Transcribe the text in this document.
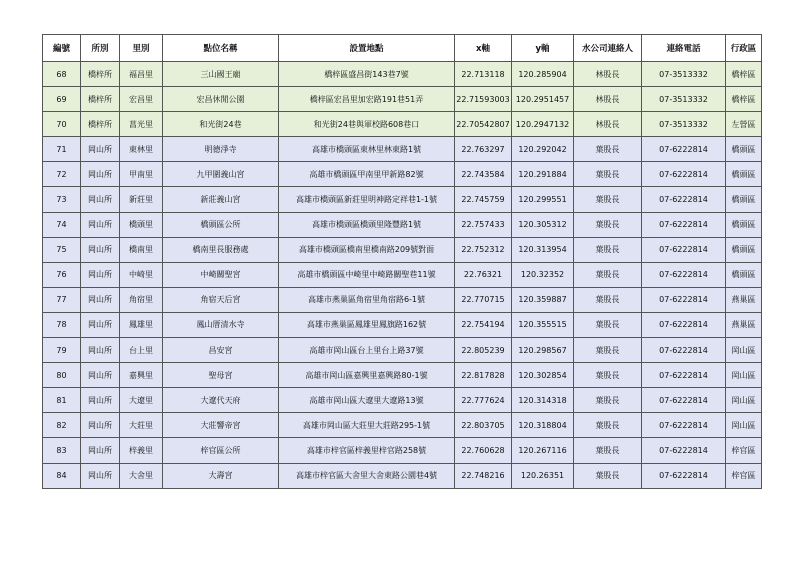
編號	所別	里別	點位名稱	設置地點	x軸	y軸	水公司連絡人	連絡電話	行政區
68	橋梓所	福昌里	三山國王廟	橋梓區盛昌街143巷7號	22.713118	120.285904	林股長	07-3513332	橋梓區
69	橋梓所	宏昌里	宏昌休閒公園	橋梓區宏昌里加宏路191巷51弄	22.71593003	120.2951457	林股長	07-3513332	橋梓區
70	橋梓所	菖光里	和光街24巷	和光街24巷與軍校路608巷口	22.70542807	120.2947132	林股長	07-3513332	左營區
71	岡山所	東林里	明德淨寺	高雄市橋頭區東林里林東路1號	22.763297	120.292042	葉股長	07-6222814	橋頭區
72	岡山所	甲南里	九甲圍義山宮	高雄市橋頭區甲南里甲新路82號	22.743584	120.291884	葉股長	07-6222814	橋頭區
73	岡山所	新莊里	新莊義山宮	高雄市橋頭區新莊里明神路定祥巷1-1號	22.745759	120.299551	葉股長	07-6222814	橋頭區
74	岡山所	橋頭里	橋頭區公所	高雄市橋頭區橋頭里隆豐路1號	22.757433	120.305312	葉股長	07-6222814	橋頭區
75	岡山所	橋南里	橋南里長服務處	高雄市橋頭區橋南里橋南路209號對面	22.752312	120.313954	葉股長	07-6222814	橋頭區
76	岡山所	中崎里	中崎關聖宮	高雄市橋頭區中崎里中崎路關聖巷11號	22.76321	120.32352	葉股長	07-6222814	橋頭區
77	岡山所	角宿里	角宿天后宮	高雄市燕巢區角宿里角宿路6-1號	22.770715	120.359887	葉股長	07-6222814	燕巢區
78	岡山所	鳳雄里	鳳山厝清水寺	高雄市燕巢區鳳雄里鳳旗路162號	22.754194	120.355515	葉股長	07-6222814	燕巢區
79	岡山所	台上里	昌安宮	高雄市岡山區台上里台上路37號	22.805239	120.298567	葉股長	07-6222814	岡山區
80	岡山所	嘉興里	聖母宮	高雄市岡山區嘉興里嘉興路80-1號	22.817828	120.302854	葉股長	07-6222814	岡山區
81	岡山所	大遼里	大遼代天府	高雄市岡山區大遼里大遼路13號	22.777624	120.314318	葉股長	07-6222814	岡山區
82	岡山所	大莊里	大莊響帝宮	高雄市岡山區大莊里大莊路295-1號	22.803705	120.318804	葉股長	07-6222814	岡山區
83	岡山所	梓義里	梓官區公所	高雄市梓官區梓義里梓官路258號	22.760628	120.267116	葉股長	07-6222814	梓官區
84	岡山所	大舍里	大壽宮	高雄市梓官區大舍里大舍東路公園巷4號	22.748216	120.26351	葉股長	07-6222814	梓官區
